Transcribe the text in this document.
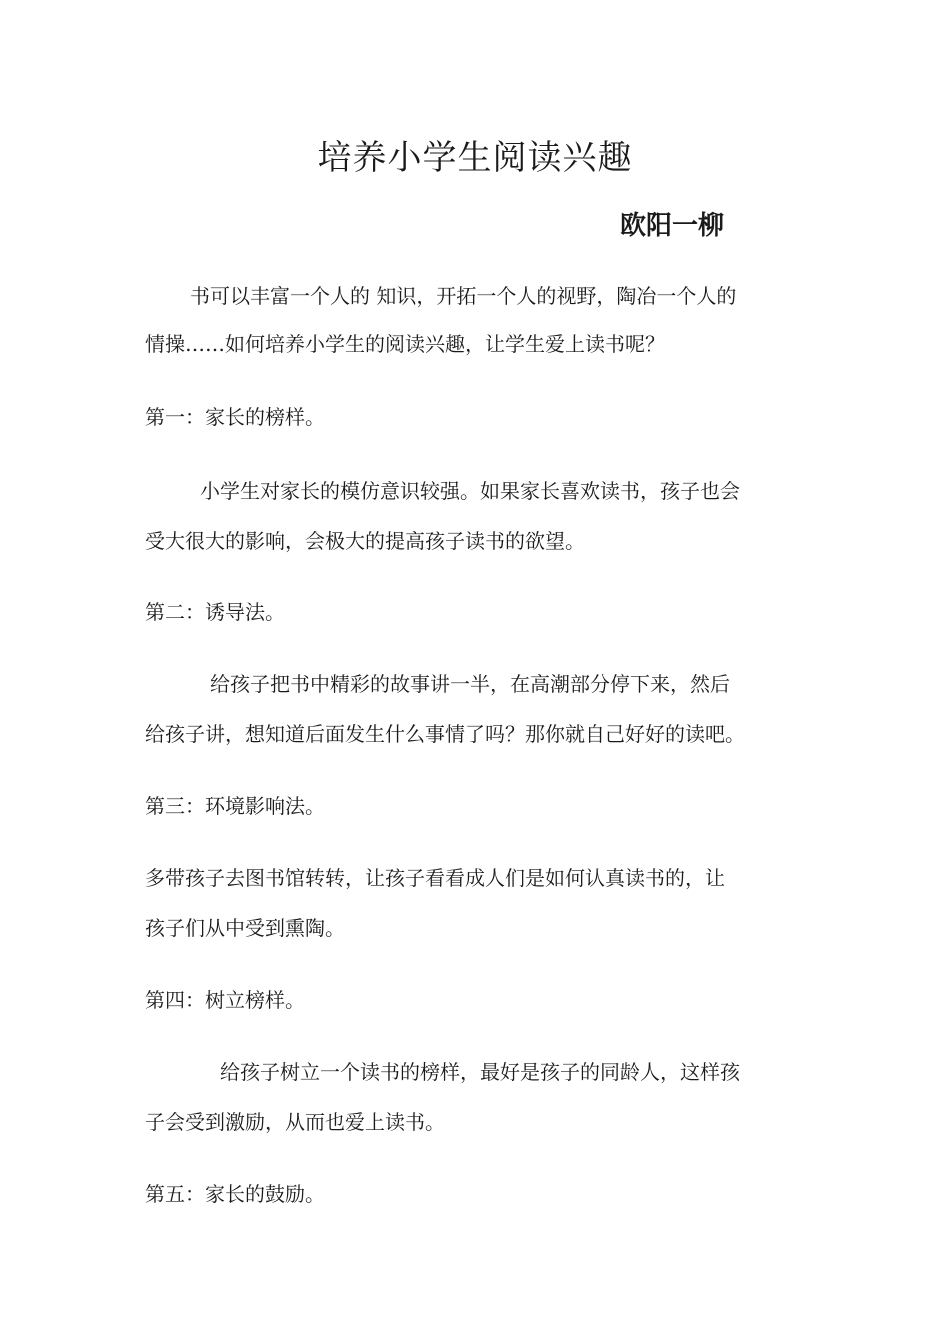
培养小学生阅读兴趣

欧阳一柳

书可以丰富一个人的 知识，开拓一个人的视野，陶冶一个人的

情操……如何培养小学生的阅读兴趣，让学生爱上读书呢？

第一：家长的榜样。

小学生对家长的模仿意识较强。如果家长喜欢读书，孩子也会

受大很大的影响，会极大的提高孩子读书的欲望。

第二：诱导法。

给孩子把书中精彩的故事讲一半，在高潮部分停下来，然后

给孩子讲，想知道后面发生什么事情了吗？那你就自己好好的读吧。

第三：环境影响法。

多带孩子去图书馆转转，让孩子看看成人们是如何认真读书的，让

孩子们从中受到熏陶。

第四：树立榜样。

给孩子树立一个读书的榜样，最好是孩子的同龄人，这样孩

子会受到激励，从而也爱上读书。

第五：家长的鼓励。
